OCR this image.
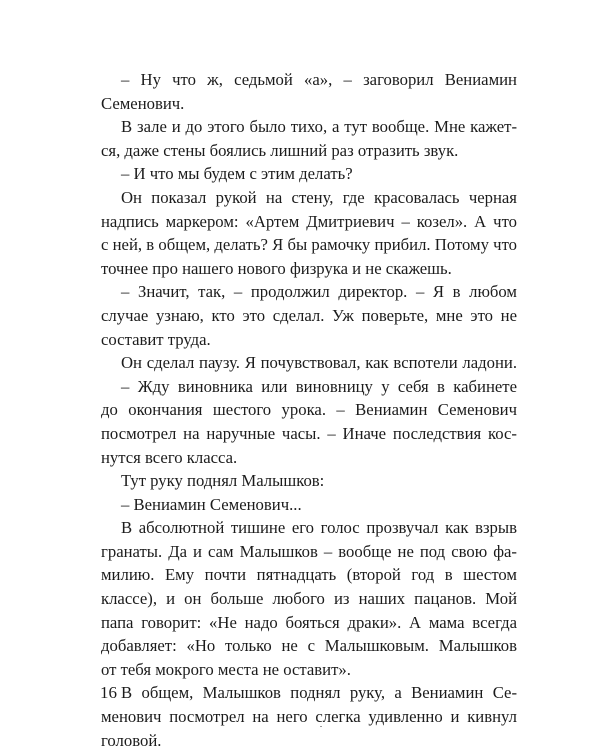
– Ну что ж, седьмой «а», – заговорил Вениамин
Семенович.
В зале и до этого было тихо, а тут вообще. Мне кажет-
ся, даже стены боялись лишний раз отразить звук.
– И что мы будем с этим делать?
Он показал рукой на стену, где красовалась черная
надпись маркером: «Артем Дмитриевич – козел». А что
с ней, в общем, делать? Я бы рамочку прибил. Потому что
точнее про нашего нового физрука и не скажешь.
– Значит, так, – продолжил директор. – Я в любом
случае узнаю, кто это сделал. Уж поверьте, мне это не
составит труда.
Он сделал паузу. Я почувствовал, как вспотели ладони.
– Жду виновника или виновницу у себя в кабинете
до окончания шестого урока. – Вениамин Семенович
посмотрел на наручные часы. – Иначе последствия кос-
нутся всего класса.
Тут руку поднял Малышков:
– Вениамин Семенович...
В абсолютной тишине его голос прозвучал как взрыв
гранаты. Да и сам Малышков – вообще не под свою фа-
милию. Ему почти пятнадцать (второй год в шестом
классе), и он больше любого из наших пацанов. Мой
папа говорит: «Не надо бояться драки». А мама всегда
добавляет: «Но только не с Малышковым. Малышков
от тебя мокрого места не оставит».
В общем, Малышков поднял руку, а Вениамин Се-
менович посмотрел на него слегка удивленно и кивнул
головой.
16
